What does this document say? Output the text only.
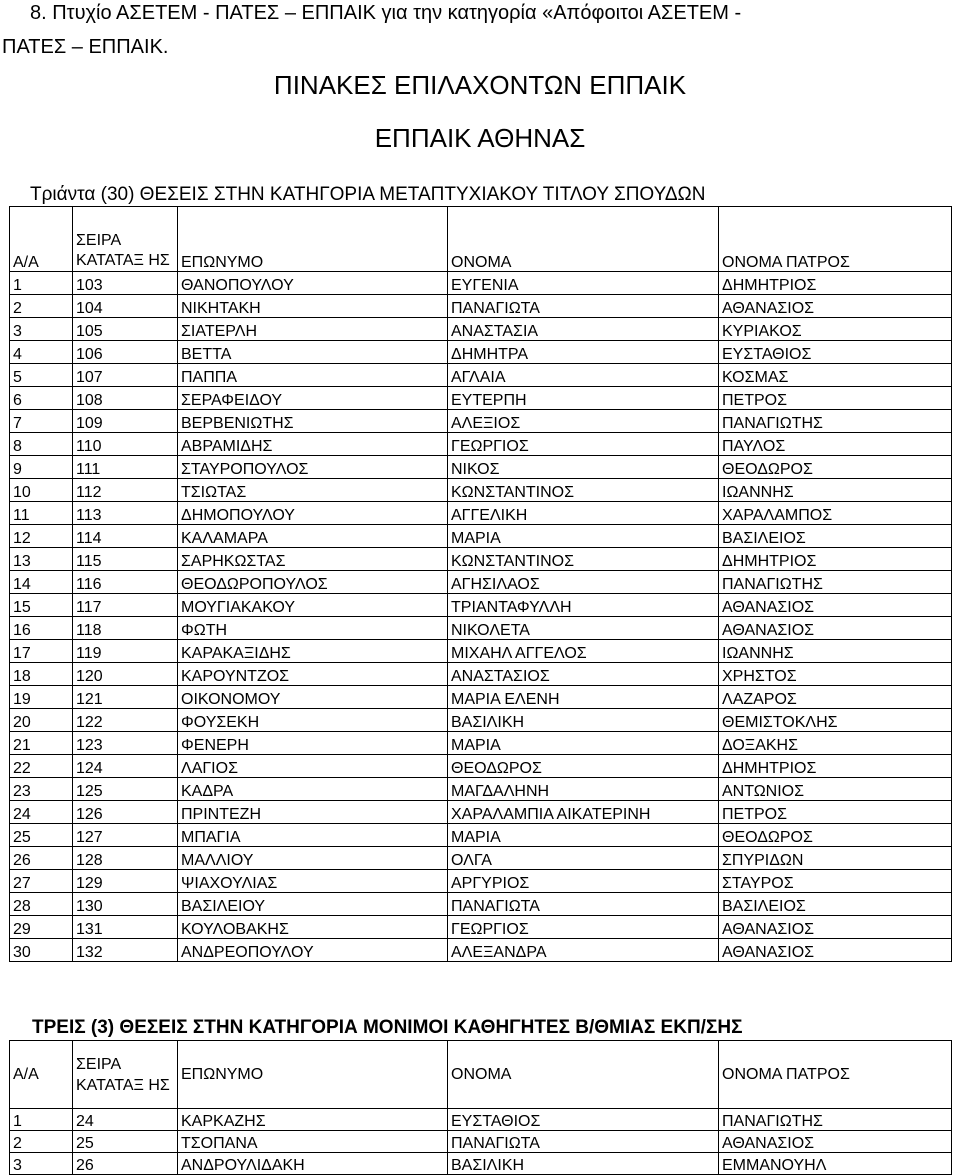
8. Πτυχίο ΑΣΕΤΕΜ - ΠΑΤΕΣ – ΕΠΠΑΙΚ για την κατηγορία «Απόφοιτοι ΑΣΕΤΕΜ -
ΠΑΤΕΣ – ΕΠΠΑΙΚ.
ΠΙΝΑΚΕΣ ΕΠΙΛΑΧΟΝΤΩΝ ΕΠΠΑΙΚ
ΕΠΠΑΙΚ ΑΘΗΝΑΣ
Τριάντα (30) ΘΕΣΕΙΣ ΣΤΗΝ ΚΑΤΗΓΟΡΙΑ ΜΕΤΑΠΤΥΧΙΑΚΟΥ ΤΙΤΛΟΥ ΣΠΟΥΔΩΝ
Α/Α	ΣΕΙΡΑ ΚΑΤΑΤΑΞ ΗΣ	ΕΠΩΝΥΜΟ	ΟΝΟΜΑ	ΟΝΟΜΑ ΠΑΤΡΟΣ
1	103	ΘΑΝΟΠΟΥΛΟΥ	ΕΥΓΕΝΙΑ	ΔΗΜΗΤΡΙΟΣ
2	104	ΝΙΚΗΤΑΚΗ	ΠΑΝΑΓΙΩΤΑ	ΑΘΑΝΑΣΙΟΣ
3	105	ΣΙΑΤΕΡΛΗ	ΑΝΑΣΤΑΣΙΑ	ΚΥΡΙΑΚΟΣ
4	106	ΒΕΤΤΑ	ΔΗΜΗΤΡΑ	ΕΥΣΤΑΘΙΟΣ
5	107	ΠΑΠΠΑ	ΑΓΛΑΙΑ	ΚΟΣΜΑΣ
6	108	ΣΕΡΑΦΕΙΔΟΥ	ΕΥΤΕΡΠΗ	ΠΕΤΡΟΣ
7	109	ΒΕΡΒΕΝΙΩΤΗΣ	ΑΛΕΞΙΟΣ	ΠΑΝΑΓΙΩΤΗΣ
8	110	ΑΒΡΑΜΙΔΗΣ	ΓΕΩΡΓΙΟΣ	ΠΑΥΛΟΣ
9	111	ΣΤΑΥΡΟΠΟΥΛΟΣ	ΝΙΚΟΣ	ΘΕΟΔΩΡΟΣ
10	112	ΤΣΙΩΤΑΣ	ΚΩΝΣΤΑΝΤΙΝΟΣ	ΙΩΑΝΝΗΣ
11	113	ΔΗΜΟΠΟΥΛΟΥ	ΑΓΓΕΛΙΚΗ	ΧΑΡΑΛΑΜΠΟΣ
12	114	ΚΑΛΑΜΑΡΑ	ΜΑΡΙΑ	ΒΑΣΙΛΕΙΟΣ
13	115	ΣΑΡΗΚΩΣΤΑΣ	ΚΩΝΣΤΑΝΤΙΝΟΣ	ΔΗΜΗΤΡΙΟΣ
14	116	ΘΕΟΔΩΡΟΠΟΥΛΟΣ	ΑΓΗΣΙΛΑΟΣ	ΠΑΝΑΓΙΩΤΗΣ
15	117	ΜΟΥΓΙΑΚΑΚΟΥ	ΤΡΙΑΝΤΑΦΥΛΛΗ	ΑΘΑΝΑΣΙΟΣ
16	118	ΦΩΤΗ	ΝΙΚΟΛΕΤΑ	ΑΘΑΝΑΣΙΟΣ
17	119	ΚΑΡΑΚΑΞΙΔΗΣ	ΜΙΧΑΗΛ ΑΓΓΕΛΟΣ	ΙΩΑΝΝΗΣ
18	120	ΚΑΡΟΥΝΤΖΟΣ	ΑΝΑΣΤΑΣΙΟΣ	ΧΡΗΣΤΟΣ
19	121	ΟΙΚΟΝΟΜΟΥ	ΜΑΡΙΑ ΕΛΕΝΗ	ΛΑΖΑΡΟΣ
20	122	ΦΟΥΣΕΚΗ	ΒΑΣΙΛΙΚΗ	ΘΕΜΙΣΤΟΚΛΗΣ
21	123	ΦΕΝΕΡΗ	ΜΑΡΙΑ	ΔΟΞΑΚΗΣ
22	124	ΛΑΓΙΟΣ	ΘΕΟΔΩΡΟΣ	ΔΗΜΗΤΡΙΟΣ
23	125	ΚΑΔΡΑ	ΜΑΓΔΑΛΗΝΗ	ΑΝΤΩΝΙΟΣ
24	126	ΠΡΙΝΤΕΖΗ	ΧΑΡΑΛΑΜΠΙΑ ΑΙΚΑΤΕΡΙΝΗ	ΠΕΤΡΟΣ
25	127	ΜΠΑΓΙΑ	ΜΑΡΙΑ	ΘΕΟΔΩΡΟΣ
26	128	ΜΑΛΛΙΟΥ	ΟΛΓΑ	ΣΠΥΡΙΔΩΝ
27	129	ΨΙΑΧΟΥΛΙΑΣ	ΑΡΓΥΡΙΟΣ	ΣΤΑΥΡΟΣ
28	130	ΒΑΣΙΛΕΙΟΥ	ΠΑΝΑΓΙΩΤΑ	ΒΑΣΙΛΕΙΟΣ
29	131	ΚΟΥΛΟΒΑΚΗΣ	ΓΕΩΡΓΙΟΣ	ΑΘΑΝΑΣΙΟΣ
30	132	ΑΝΔΡΕΟΠΟΥΛΟΥ	ΑΛΕΞΑΝΔΡΑ	ΑΘΑΝΑΣΙΟΣ
ΤΡΕΙΣ (3) ΘΕΣΕΙΣ ΣΤΗΝ ΚΑΤΗΓΟΡΙΑ ΜΟΝΙΜΟΙ ΚΑΘΗΓΗΤΕΣ Β/ΘΜΙΑΣ ΕΚΠ/ΣΗΣ
Α/Α	ΣΕΙΡΑ ΚΑΤΑΤΑΞ ΗΣ	ΕΠΩΝΥΜΟ	ΟΝΟΜΑ	ΟΝΟΜΑ ΠΑΤΡΟΣ
1	24	ΚΑΡΚΑΖΗΣ	ΕΥΣΤΑΘΙΟΣ	ΠΑΝΑΓΙΩΤΗΣ
2	25	ΤΣΟΠΑΝΑ	ΠΑΝΑΓΙΩΤΑ	ΑΘΑΝΑΣΙΟΣ
3	26	ΑΝΔΡΟΥΛΙΔΑΚΗ	ΒΑΣΙΛΙΚΗ	ΕΜΜΑΝΟΥΗΛ
